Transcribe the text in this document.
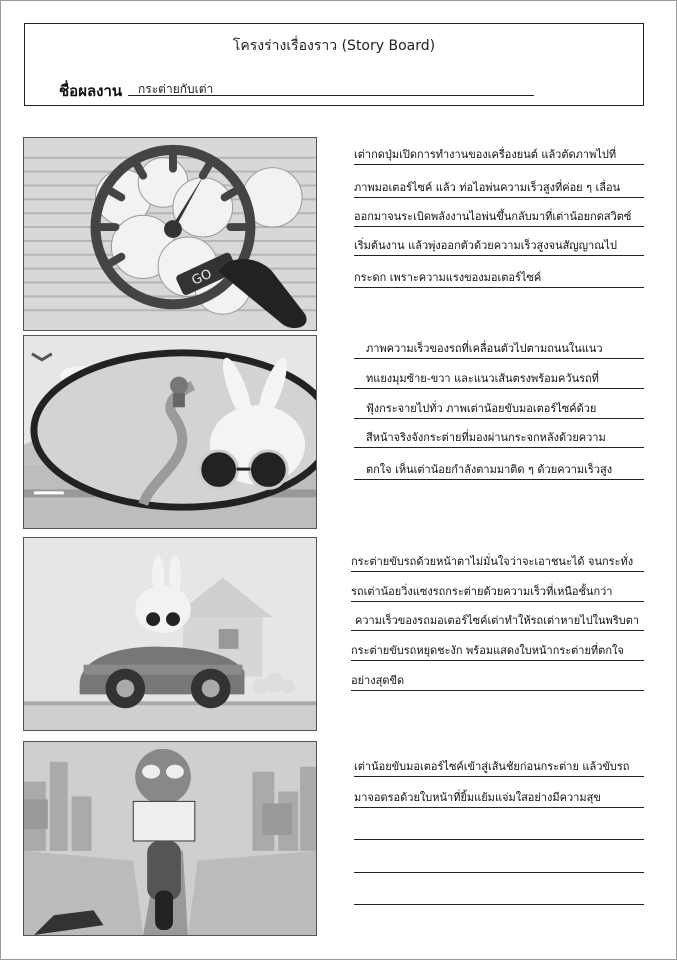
โครงร่างเรื่องราว (Story Board)
ชื่อผลงาน กระต่ายกับเต่า
GO
เต่ากดปุ่มเปิดการทำงานของเครื่องยนต์ แล้วตัดภาพไปที่
ภาพมอเตอร์ไซค์ แล้ว ท่อไอพ่นความเร็วสูงที่ค่อย ๆ เลื่อน
ออกมาจนระเบิดพลังงานไอพ่นขึ้นกลับมาที่เต่าน้อยกดสวิตซ์
เริ่มต้นงาน แล้วพุ่งออกตัวด้วยความเร็วสูงจนสัญญาณไป
กระดก เพราะความแรงของมอเตอร์ไซค์
ภาพความเร็วของรถที่เคลื่อนตัวไปตามถนนในแนว
ทแยงมุมซ้าย-ขวา และแนวเส้นตรงพร้อมควันรถที่
ฟุ้งกระจายไปทั่ว ภาพเต่าน้อยขับมอเตอร์ไซค์ด้วย
สีหน้าจริงจังกระต่ายที่มองผ่านกระจกหลังด้วยความ
ตกใจ เห็นเต่าน้อยกำลังตามมาติด ๆ ด้วยความเร็วสูง
กระต่ายขับรถด้วยหน้าตาไม่มั่นใจว่าจะเอาชนะได้ จนกระทั่ง
รถเต่าน้อยวิ่งแซงรถกระต่ายด้วยความเร็วที่เหนือชั้นกว่า
ความเร็วของรถมอเตอร์ไซค์เต่าทำให้รถเต่าหายไปในพริบตา
กระต่ายขับรถหยุดชะงัก พร้อมแสดงใบหน้ากระต่ายที่ตกใจ
อย่างสุดขีด
เต่าน้อยขับมอเตอร์ไซค์เข้าสู่เส้นชัยก่อนกระต่าย แล้วขับรถ
มาจอดรอด้วยใบหน้าที่ยิ้มแย้มแจ่มใสอย่างมีความสุข
